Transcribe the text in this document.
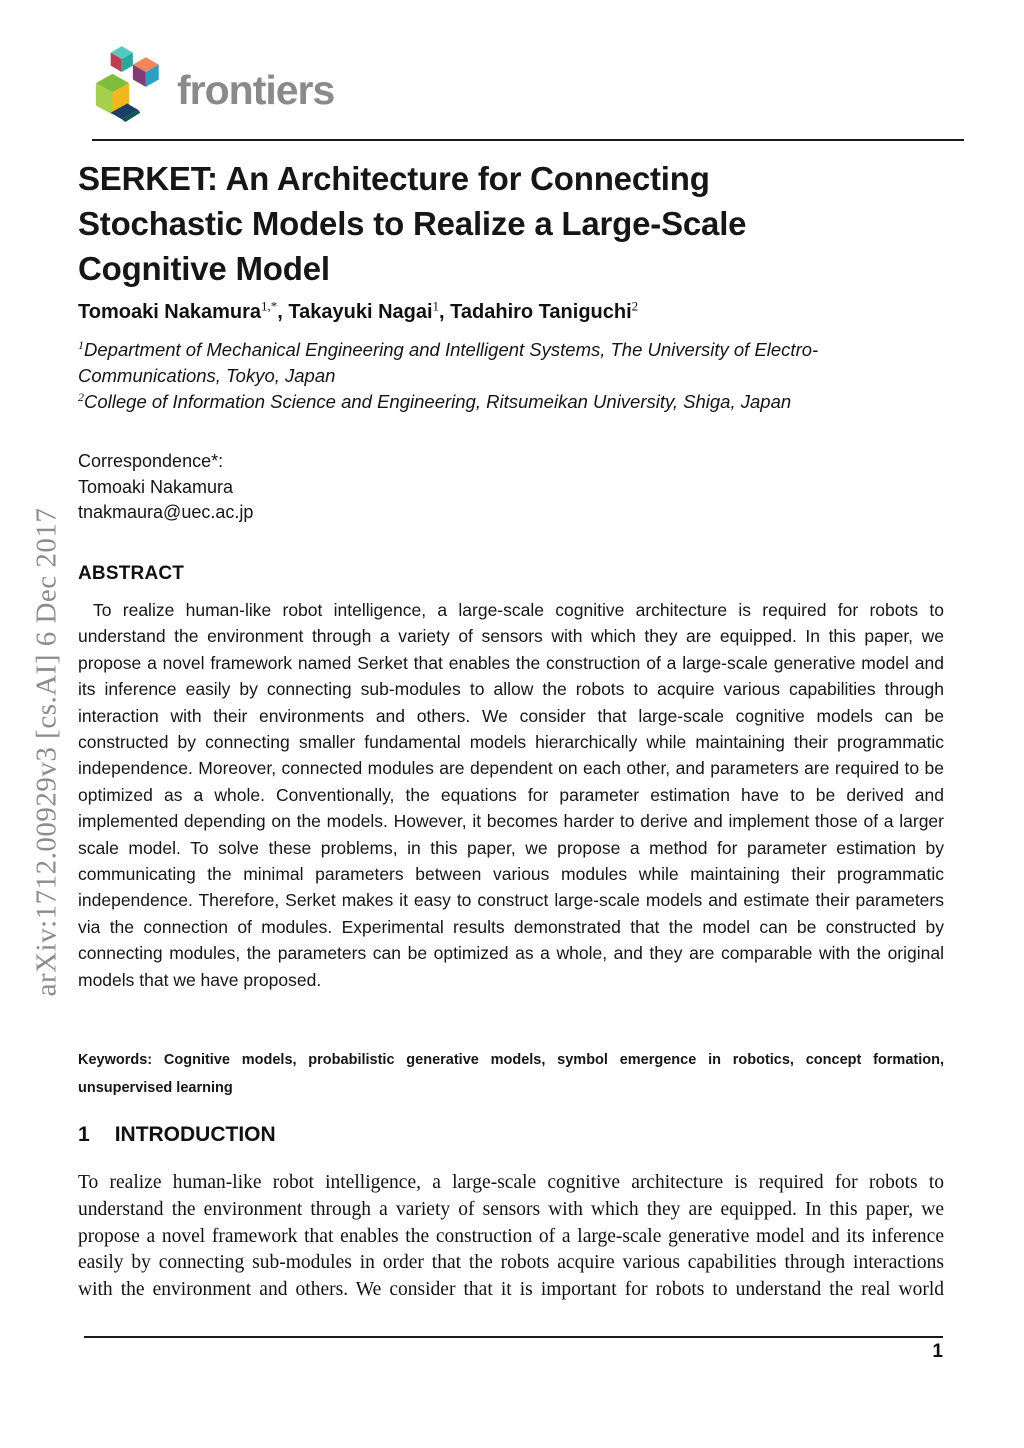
arXiv:1712.00929v3 [cs.AI] 6 Dec 2017
frontiers
SERKET: An Architecture for Connecting
Stochastic Models to Realize a Large-Scale
Cognitive Model

Tomoaki Nakamura$^{1,*}$, Takayuki Nagai$^1$, Tadahiro Taniguchi$^2$

$^1$Department of Mechanical Engineering and Intelligent Systems, The University of Electro-Communications, Tokyo, Japan

$^2$College of Information Science and Engineering, Ritsumeikan University, Shiga, Japan

Correspondence*:
Tomoaki Nakamura
tnakmaura@uec.ac.jp
ABSTRACT

To realize human-like robot intelligence, a large-scale cognitive architecture is required for robots to understand the environment through a variety of sensors with which they are equipped. In this paper, we propose a novel framework named Serket that enables the construction of a large-scale generative model and its inference easily by connecting sub-modules to allow the robots to acquire various capabilities through interaction with their environments and others. We consider that large-scale cognitive models can be constructed by connecting smaller fundamental models hierarchically while maintaining their programmatic independence. Moreover, connected modules are dependent on each other, and parameters are required to be optimized as a whole. Conventionally, the equations for parameter estimation have to be derived and implemented depending on the models. However, it becomes harder to derive and implement those of a larger scale model. To solve these problems, in this paper, we propose a method for parameter estimation by communicating the minimal parameters between various modules while maintaining their programmatic independence. Therefore, Serket makes it easy to construct large-scale models and estimate their parameters via the connection of modules. Experimental results demonstrated that the model can be constructed by connecting modules, the parameters can be optimized as a whole, and they are comparable with the original models that we have proposed.

Keywords: Cognitive models, probabilistic generative models, symbol emergence in robotics, concept formation, unsupervised learning

1 INTRODUCTION

To realize human-like robot intelligence, a large-scale cognitive architecture is required for robots to understand the environment through a variety of sensors with which they are equipped. In this paper, we propose a novel framework that enables the construction of a large-scale generative model and its inference easily by connecting sub-modules in order that the robots acquire various capabilities through interactions with the environment and others. We consider that it is important for robots to understand the real world

1
